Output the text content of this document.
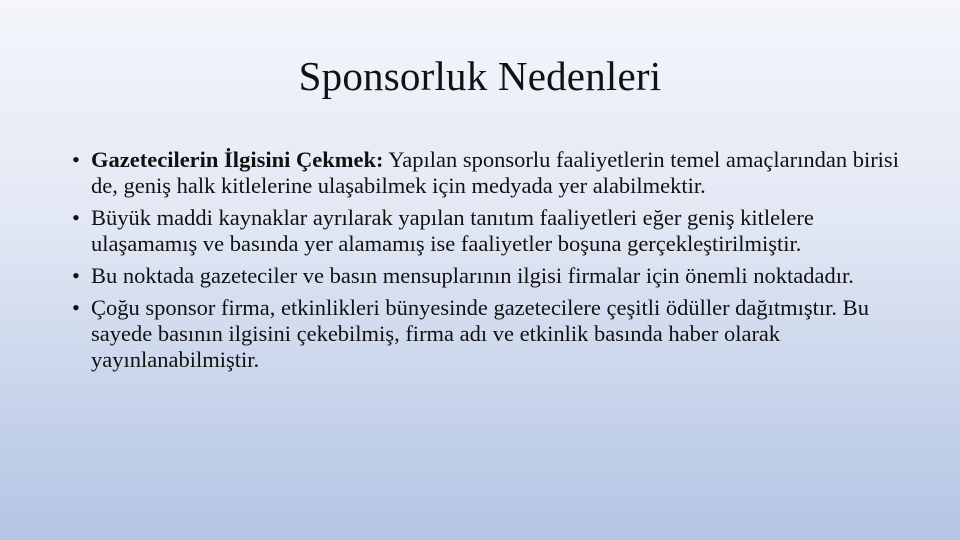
Sponsorluk Nedenleri
• Gazetecilerin İlgisini Çekmek: Yapılan sponsorlu faaliyetlerin temel amaçlarından birisi de, geniş halk kitlelerine ulaşabilmek için medyada yer alabilmektir.
• Büyük maddi kaynaklar ayrılarak yapılan tanıtım faaliyetleri eğer geniş kitlelere ulaşamamış ve basında yer alamamış ise faaliyetler boşuna gerçekleştirilmiştir.
• Bu noktada gazeteciler ve basın mensuplarının ilgisi firmalar için önemli noktadadır.
• Çoğu sponsor firma, etkinlikleri bünyesinde gazetecilere çeşitli ödüller dağıtmıştır. Bu sayede basının ilgisini çekebilmiş, firma adı ve etkinlik basında haber olarak yayınlanabilmiştir.
